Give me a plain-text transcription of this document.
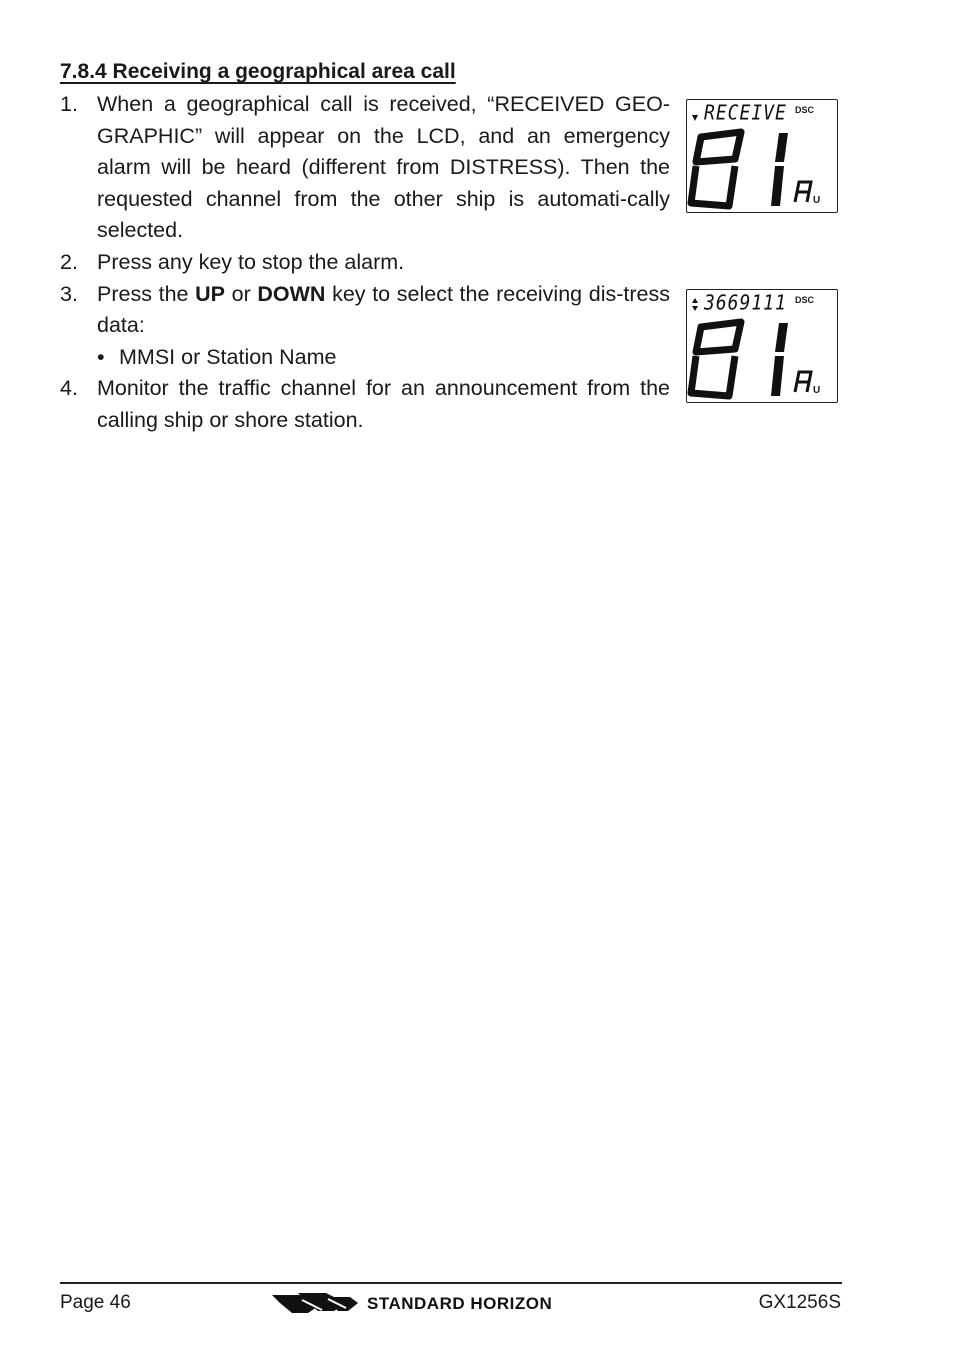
7.8.4 Receiving a geographical area call
1. When a geographical call is received, “RECEIVED GEO-GRAPHIC” will appear on the LCD, and an emergency alarm will be heard (different from DISTRESS). Then the requested channel from the other ship is automati-cally selected.
2. Press any key to stop the alarm.
3. Press the UP or DOWN key to select the receiving dis-tress data:
• MMSI or Station Name
4. Monitor the traffic channel for an announcement from the calling ship or shore station.
RECEIVE DSC
U
3669111 DSC
U
Page 46	STANDARD HORIZON	GX1256S
